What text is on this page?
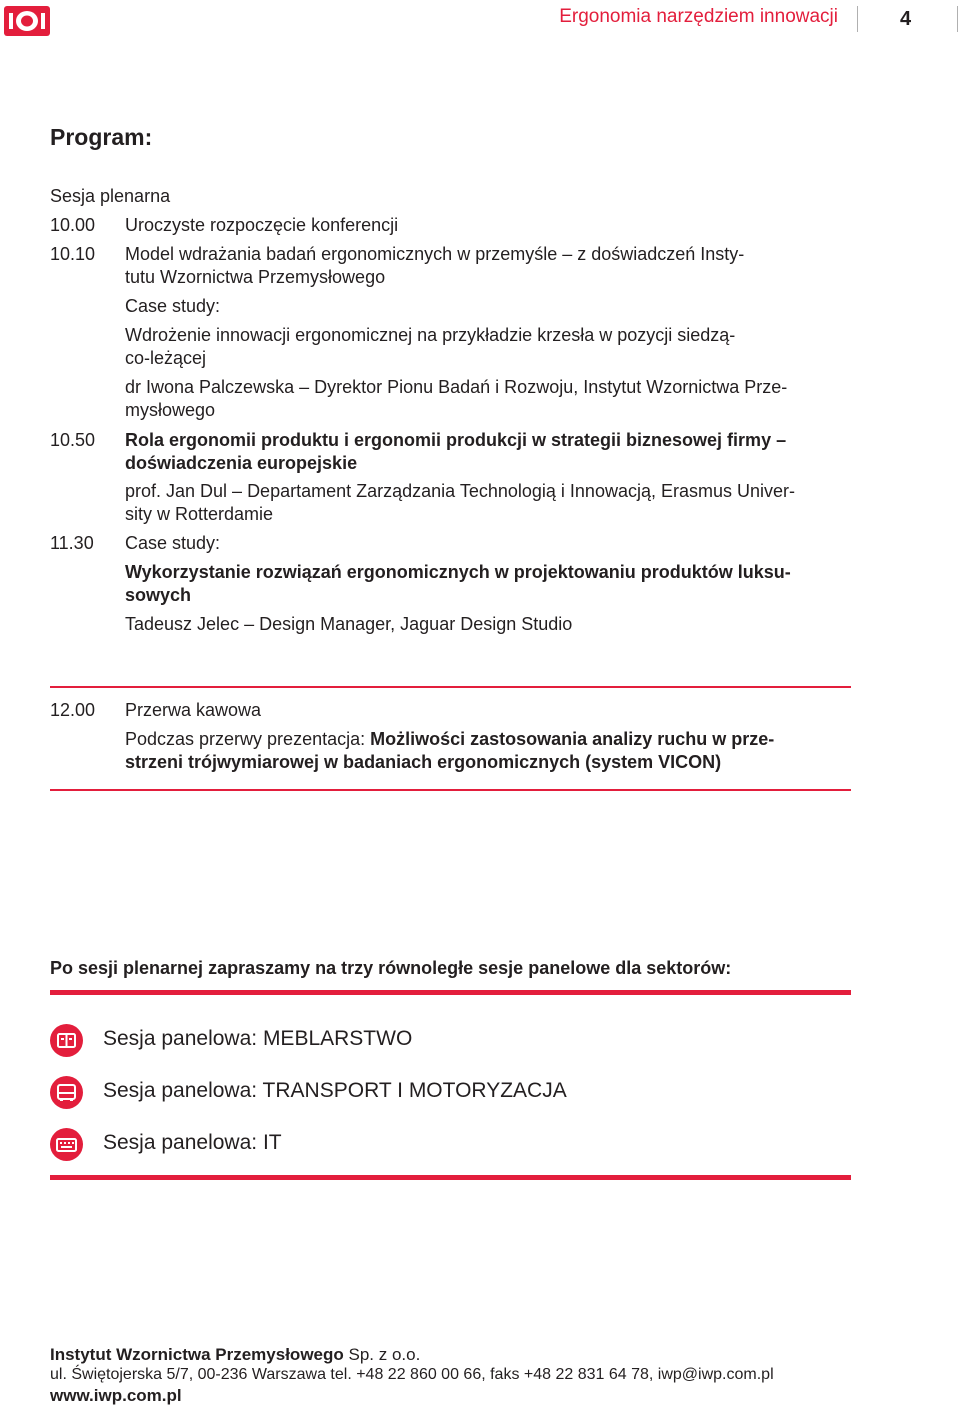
Ergonomia narzędziem innowacji	4
Program:
Sesja plenarna
10.00 Uroczyste rozpoczęcie konferencji
10.10 Model wdrażania badań ergonomicznych w przemyśle – z doświadczeń Insty-
tutu Wzornictwa Przemysłowego
Case study:
Wdrożenie innowacji ergonomicznej na przykładzie krzesła w pozycji siedzą-
co-leżącej
dr Iwona Palczewska – Dyrektor Pionu Badań i Rozwoju, Instytut Wzornictwa Prze-
mysłowego
10.50 Rola ergonomii produktu i ergonomii produkcji w strategii biznesowej firmy –
doświadczenia europejskie
prof. Jan Dul – Departament Zarządzania Technologią i Innowacją, Erasmus Univer-
sity w Rotterdamie
11.30 Case study:
Wykorzystanie rozwiązań ergonomicznych w projektowaniu produktów luksu-
sowych
Tadeusz Jelec – Design Manager, Jaguar Design Studio
12.00 Przerwa kawowa
Podczas przerwy prezentacja: Możliwości zastosowania analizy ruchu w prze-
strzeni trójwymiarowej w badaniach ergonomicznych (system VICON)
Po sesji plenarnej zapraszamy na trzy równoległe sesje panelowe dla sektorów:
Sesja panelowa: MEBLARSTWO
Sesja panelowa: TRANSPORT I MOTORYZACJA
Sesja panelowa: IT
Instytut Wzornictwa Przemysłowego Sp. z o.o.
ul. Świętojerska 5/7, 00-236 Warszawa tel. +48 22 860 00 66, faks +48 22 831 64 78, iwp@iwp.com.pl
www.iwp.com.pl
